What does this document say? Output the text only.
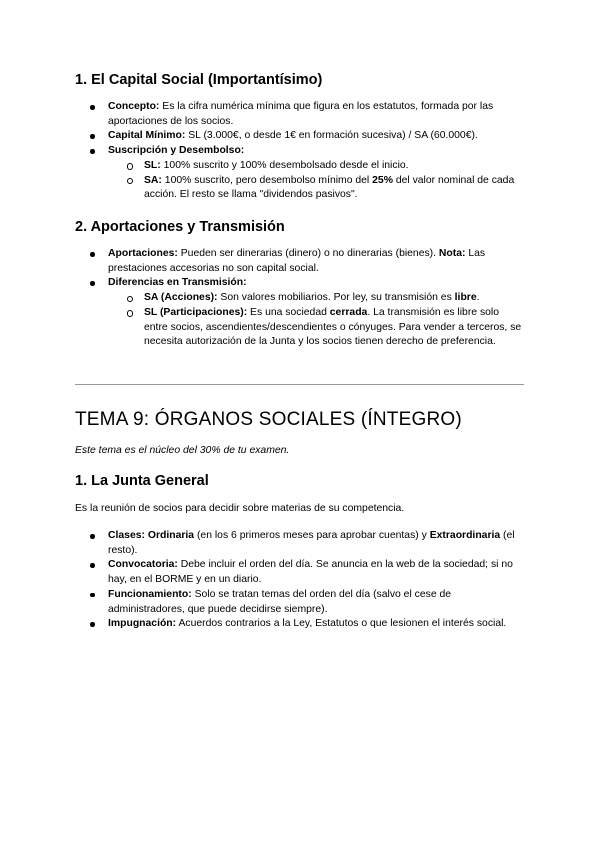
1. El Capital Social (Importantísimo)
Concepto: Es la cifra numérica mínima que figura en los estatutos, formada por las aportaciones de los socios.
Capital Mínimo: SL (3.000€, o desde 1€ en formación sucesiva) / SA (60.000€).
Suscripción y Desembolso:
SL: 100% suscrito y 100% desembolsado desde el inicio.
SA: 100% suscrito, pero desembolso mínimo del 25% del valor nominal de cada acción. El resto se llama "dividendos pasivos".
2. Aportaciones y Transmisión
Aportaciones: Pueden ser dinerarias (dinero) o no dinerarias (bienes). Nota: Las prestaciones accesorias no son capital social.
Diferencias en Transmisión:
SA (Acciones): Son valores mobiliarios. Por ley, su transmisión es libre.
SL (Participaciones): Es una sociedad cerrada. La transmisión es libre solo entre socios, ascendientes/descendientes o cónyuges. Para vender a terceros, se necesita autorización de la Junta y los socios tienen derecho de preferencia.
TEMA 9: ÓRGANOS SOCIALES (ÍNTEGRO)
Este tema es el núcleo del 30% de tu examen.
1. La Junta General
Es la reunión de socios para decidir sobre materias de su competencia.
Clases: Ordinaria (en los 6 primeros meses para aprobar cuentas) y Extraordinaria (el resto).
Convocatoria: Debe incluir el orden del día. Se anuncia en la web de la sociedad; si no hay, en el BORME y en un diario.
Funcionamiento: Solo se tratan temas del orden del día (salvo el cese de administradores, que puede decidirse siempre).
Impugnación: Acuerdos contrarios a la Ley, Estatutos o que lesionen el interés social.
